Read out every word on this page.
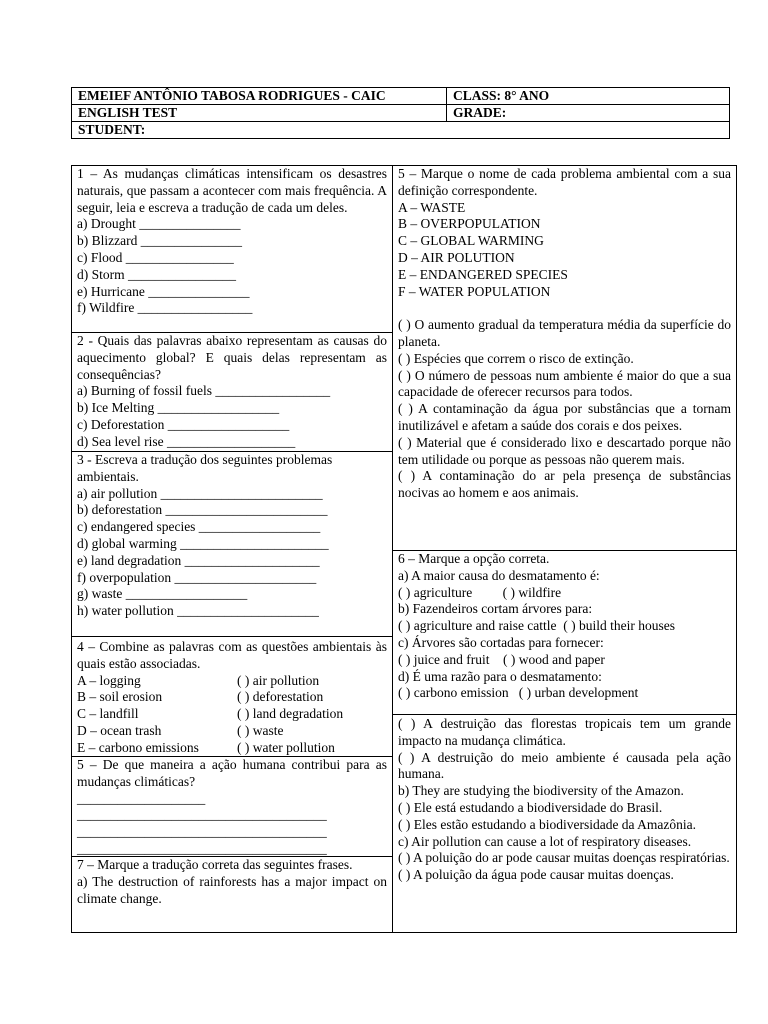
EMEIEF ANTÔNIO TABOSA RODRIGUES - CAIC	CLASS: 8° ANO
ENGLISH TEST	GRADE:
STUDENT:	
1 – As mudanças climáticas intensificam os desastres naturais, que passam a acontecer com mais frequência. A seguir, leia e escreva a tradução de cada um deles.
a) Drought _______________
b) Blizzard _______________
c) Flood ________________
d) Storm ________________
e) Hurricane _______________
f) Wildfire _________________
2 - Quais das palavras abaixo representam as causas do aquecimento global? E quais delas representam as consequências?
a) Burning of fossil fuels _________________
b) Ice Melting __________________
c) Deforestation __________________
d) Sea level rise ___________________
3 - Escreva a tradução dos seguintes problemas ambientais.
a) air pollution ________________________
b) deforestation ________________________
c) endangered species __________________
d) global warming ______________________
e) land degradation ____________________
f) overpopulation _____________________
g) waste __________________
h) water pollution _____________________
4 – Combine as palavras com as questões ambientais às quais estão associadas.
A – logging	( ) air pollution
B – soil erosion	( ) deforestation
C – landfill	( ) land degradation
D – ocean trash	( ) waste
E – carbono emissions	( ) water pollution
5 – De que maneira a ação humana contribui para as mudanças climáticas?
___________________
_____________________________________
_____________________________________
_____________________________________
7 – Marque a tradução correta das seguintes frases.
a) The destruction of rainforests has a major impact on climate change.
5 – Marque o nome de cada problema ambiental com a sua definição correspondente.
A – WASTE
B – OVERPOPULATION
C – GLOBAL WARMING
D – AIR POLUTION
E – ENDANGERED SPECIES
F – WATER POPULATION
( ) O aumento gradual da temperatura média da superfície do planeta.
( ) Espécies que correm o risco de extinção.
( ) O número de pessoas num ambiente é maior do que a sua capacidade de oferecer recursos para todos.
( ) A contaminação da água por substâncias que a tornam inutilizável e afetam a saúde dos corais e dos peixes.
( ) Material que é considerado lixo e descartado porque não tem utilidade ou porque as pessoas não querem mais.
( ) A contaminação do ar pela presença de substâncias nocivas ao homem e aos animais.
6 – Marque a opção correta.
a) A maior causa do desmatamento é:
( ) agriculture         ( ) wildfire
b) Fazendeiros cortam árvores para:
( ) agriculture and raise cattle  ( ) build their houses
c) Árvores são cortadas para fornecer:
( ) juice and fruit    ( ) wood and paper
d) É uma razão para o desmatamento:
( ) carbono emission   ( ) urban development
( ) A destruição das florestas tropicais tem um grande impacto na mudança climática.
( ) A destruição do meio ambiente é causada pela ação humana.
b) They are studying the biodiversity of the Amazon.
( ) Ele está estudando a biodiversidade do Brasil.
( ) Eles estão estudando a biodiversidade da Amazônia.
c) Air pollution can cause a lot of respiratory diseases.
( ) A poluição do ar pode causar muitas doenças respiratórias.
( ) A poluição da água pode causar muitas doenças.
